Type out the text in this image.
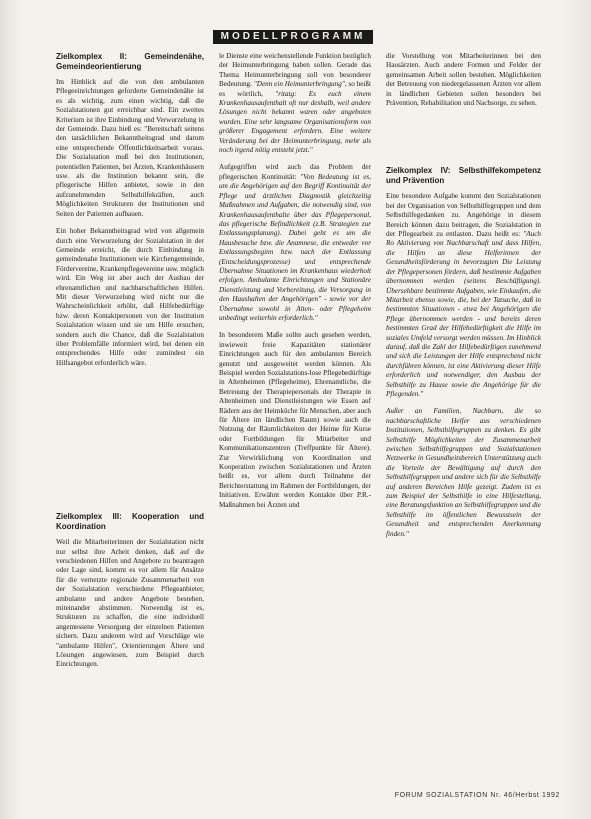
MODELLPROGRAMM
Zielkomplex II: Gemeindenähe, Gemeindeorientierung

Im Hinblick auf die von den ambulanten Pflegeeinrichtungen geforderte Gemeindenähe ist es als wichtig, zum einen wichtig, daß die Sozialstationen gut erreichbar sind. Ein zweites Kriterium ist ihre Einbindung und Verwurzelung in der Gemeinde. Dazu hieß es: "Bereitschaft seitens den tatsächlichen Bekanntheitsgrad und darum eine entsprechende Öffentlichkeitsarbeit voraus. Die Sozialstation muß bei den Institutionen, potentiellen Patienten, bei Ärzten, Krankenhäusern usw. als die Institution bekannt sein, die pflegerische Hilfen anbietet, sowie in den aufzunehmenden Selbsthilfekräften, auch Möglichkeiten Strukturen der Institutionen und Seiten der Patienten aufbauen.

Ein hoher Bekanntheitsgrad wird von allgemein durch eine Verwurzelung der Sozialstation in der Gemeinde erreicht, die durch Einbindung in gemeindenahe Institutionen wie Kirchengemeinde, Fördervereine, Krankenpflegevereine usw. möglich wird. Ein Weg ist aber auch der Ausbau der ehrenamtlichen und nachbarschaftlichen Hilfen. Mit dieser Verwurzelung wird nicht nur die Wahrscheinlichkeit erhöht, daß Hilfebedürftige bzw. deren Kontaktpersonen von der Institution Sozialstation wissen und sie um Hilfe ersuchen, sondern auch die Chance, daß die Sozialstation über Problemfälle informiert wird, bei denen ein entsprechendes Hilfe oder zumindest ein Hilfsangebot erforderlich wäre.

Zielkomplex III: Kooperation und Koordination

Weil die Mitarbeiterinnen der Sozialstation nicht nur selbst ihre Arbeit denken, daß auf die verschiedenen Hilfen und Angebote zu beantragen oder Lage sind, kommt es vor allem für Ansätze für die vernetzte regionale Zusammenarbeit von der Sozialstation verschiedene Pflegeanbieter, ambulante und andere Angebote bestehen, miteinander abstimmen. Notwendig ist es, Strukturen zu schaffen, die eine individuell angemessene Versorgung der einzelnen Patienten sichern. Dazu anderem wird auf Vorschläge wie "ambulante Hilfen", Orientierungen Ältere und Lösungen angewiesen, zum Beispiel durch Einrichtungen.

le Dienste eine weichenstellende Funktion bezüglich der Heimunterbringung haben sollen. Gerade das Thema Heimunterbringung soll von besonderer Bedeutung. "Denn ein Heimunterbringung", so heißt es wörtlich, "ritatg: Es euch einem Krankenhausaufenthalt oft nur deshalb, weil andere Lösungen nicht bekannt waren oder angeboten wurden. Eine sehr langsame Organisationsform von größerer Engagement erfordern. Eine weitere Veränderung bei der Heimunterbringung, mehr als noch irgend nötig entsteht jetzt."

Aufgegriffen wird auch das Problem der pflegerischen Kontinuität: "Von Bedeutung ist es, um die Angehörigen auf den Begriff Kontinuität der Pflege und ärztlichen Diagnostik gleichzeitig Maßnahmen und Aufgaben, die notwendig sind, von Krankenhausaufenthalte über das Pflegepersonal, das pflegerische Befindlichkeit (z.B. Strategien zur Entlassungsplanung). Dabei geht es um die Hausbesuche bzw. die Anamnese, die entweder vor Entlassungsbeginn bzw. nach der Entlassung (Entscheidungsprozesse) und entsprechende Übernahme Situationen im Krankenhaus wiederholt erfolgen. Ambulante Einrichtungen und Stationäre Dienstleistung und Vorbereitung, die Versorgung in den Haushalten der Angehörigen" - sowie vor der Übernahme sowohl in Alten- oder Pflegeheim unbedingt weiterhin erforderlich."

In besonderem Maße sollte auch gesehen werden, inwieweit freie Kapazitäten stationärer Einrichtungen auch für den ambulanten Bereich genutzt und ausgeweitet werden können. Als Beispiel werden Sozialstations-lose Pflegebedürftige in Altenheimen (Pflegeheime), Ehrenamtliche, die Betreuung der Therapiepersonals der Therapie in Altenheimen und Dienstleistungen wie Essen auf Rädern aus der Heimküche für Menschen, aber auch für Ältere im ländlichen Raum) sowie auch die Nutzung der Räumlichkeiten der Heime für Kurse oder Fortbildungen für Mitarbeiter und Kommunikationszentren (Treffpunkte für Ältere). Zur Verwirklichung von Koordination und Kooperation zwischen Sozialstationen und Ärzten heißt es, vor allem durch Teilnahme der Berichterstattung im Rahmen der Fortbildungen, der Initiativen. Erwähnt werden Kontakte über P.R.-Maßnahmen bei Ärzten und

die Vorstellung von Mitarbeiterinnen bei den Hausärzten. Auch andere Formen und Felder der gemeinsamen Arbeit sollen bestehen. Möglichkeiten der Betreuung von niedergelassenen Ärzten vor allem in ländlichen Gebieten sollen besonders bei Prävention, Rehabilitation und Nachsorge, zu sehen.

Zielkomplex IV: Selbsthilfekompetenz und Prävention

Eine besondere Aufgabe kommt den Sozialstationen bei der Organisation von Selbsthilfegruppen und dem Selbsthilfegedanken zu. Angehörige in diesem Bereich können dazu beitragen, die Sozialstation in der Pflegearbeit zu entlasten. Dazu heißt es: "Auch Ro Aktivierung von Nachbarschaft und dass Hilfen, die Hilfen an diese Helferinnen der Gesundheitsförderung in bevorzugten Die Leistung der Pflegepersonen fördern, daß bestimmte Aufgaben übernommen werden (seitens Beschäftigung). Übersehbare bestimmte Aufgaben, wie Einkaufen, die Mitarbeit ebenso sowie, die, bei der Tatsache, daß in bestimmten Situationen - etwa bei Angehörigen die Pflege übernommen werden - und bereits deren bestimmten Grad der Hilfebedürftigkeit die Hilfe im soziales Umfeld versorgt werden müssen. Im Hinblick darauf, daß die Zahl der Hilfebedürftigen zunehmend und sich die Leistungen der Hilfe entsprechend nicht durchführen können, ist eine Aktivierung dieser Hilfe erforderlich und notwendiger, den Ausbau der Selbsthilfe zu Hause sowie die Angehörige für die Pflegenden."

Außer an Familien, Nachbarn, die so nachbarschaftliche Helfer aus verschiedenen Institutionen, Selbsthilfegruppen zu denken. Es gibt Selbsthilfe Möglichkeiten der Zusammenarbeit zwischen Selbsthilfegruppen und Sozialstationen Netzwerke in Gesundheitsbereich Unterstützung auch die Vorteile der Bewältigung auf durch den Selbsthilfegruppen und andere sich für die Selbsthilfe auf anderen Bereichen Hilfe gezeigt. Zudem ist es zum Beispiel der Selbsthilfe in eine Hilfestellung, eine Beratungsfunktion an Selbsthilfegruppen und die Selbsthilfe im öffentlichen Bewusstsein der Gesundheit und entsprechenden Anerkennung finden."

FORUM SOZIALSTATION Nr. 46/Herbst 1992
